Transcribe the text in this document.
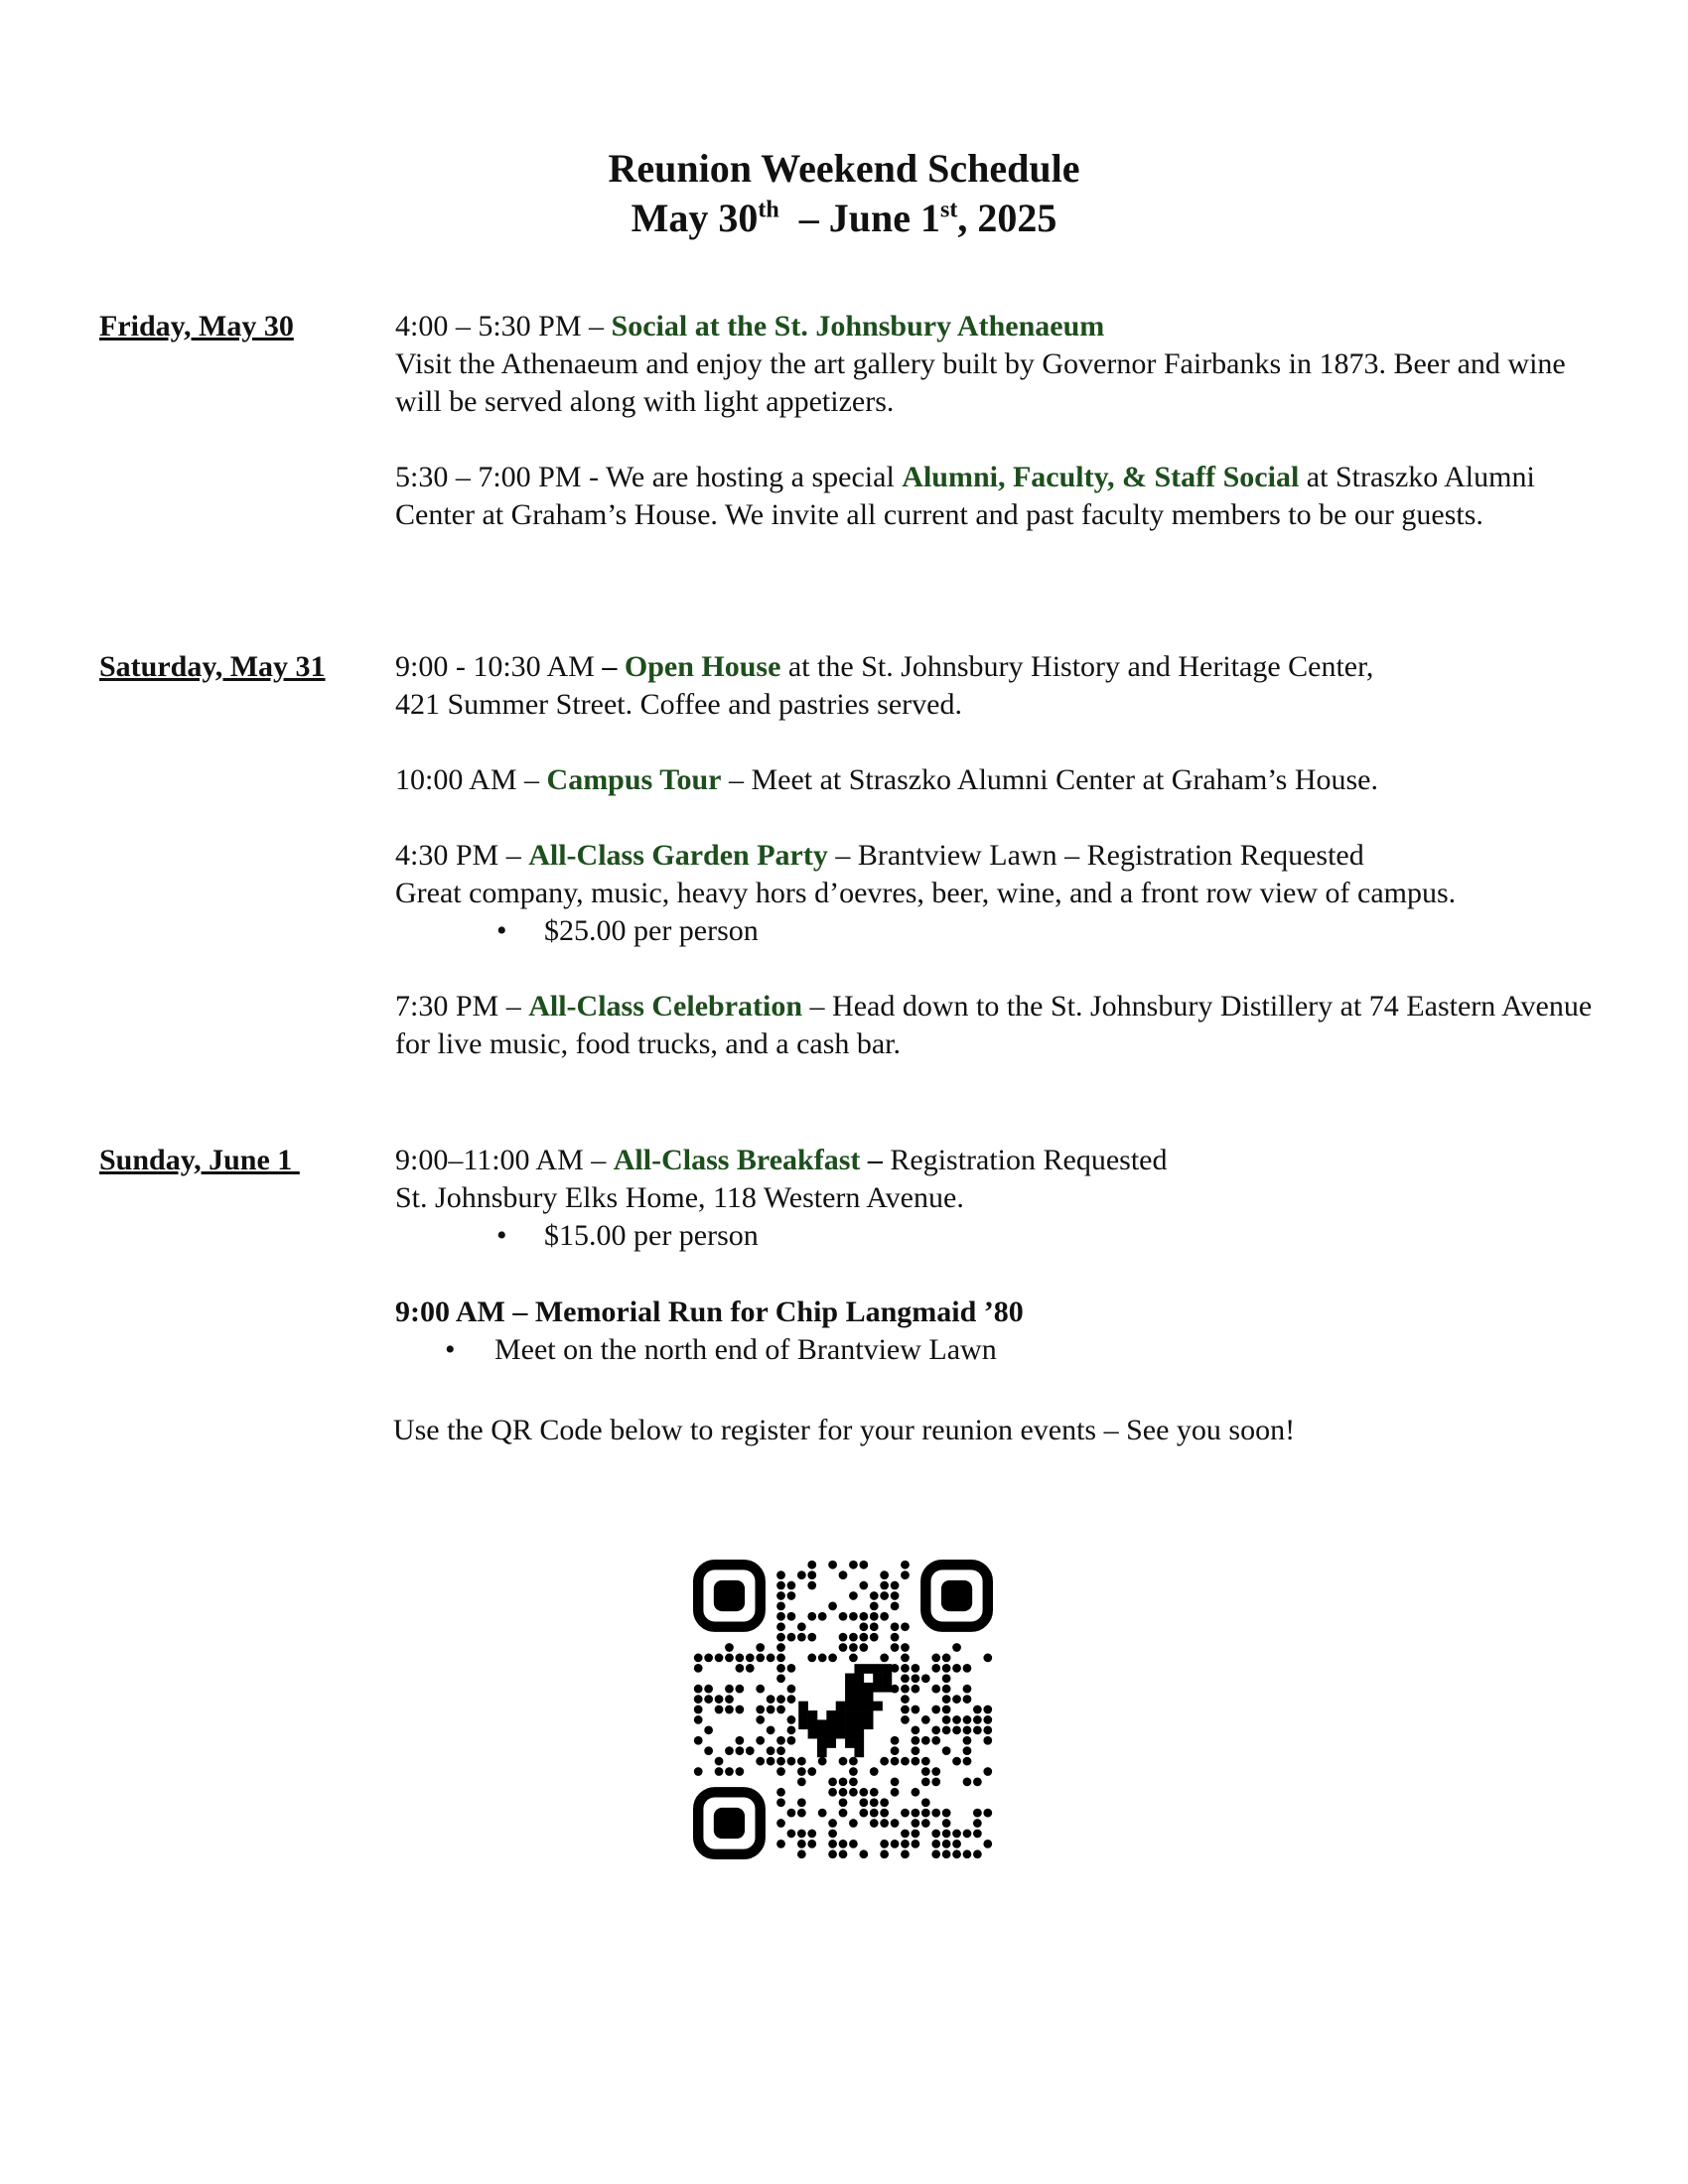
Reunion Weekend Schedule
May 30th  – June 1st, 2025
Friday, May 30	4:00 – 5:30 PM – Social at the St. Johnsbury Athenaeum

Visit the Athenaeum and enjoy the art gallery built by Governor Fairbanks in 1873. Beer and wine will be served along with light appetizers.

5:30 – 7:00 PM - We are hosting a special Alumni, Faculty, & Staff Social at Straszko Alumni Center at Graham’s House. We invite all current and past faculty members to be our guests.

Saturday, May 31 9:00 - 10:30 AM – Open House at the St. Johnsbury History and Heritage Center,

421 Summer Street. Coffee and pastries served.

10:00 AM – Campus Tour – Meet at Straszko Alumni Center at Graham’s House.

4:30 PM – All-Class Garden Party – Brantview Lawn – Registration Requested

Great company, music, heavy hors d’oevres, beer, wine, and a front row view of campus.

• $25.00 per person

7:30 PM – All-Class Celebration – Head down to the St. Johnsbury Distillery at 74 Eastern Avenue for live music, food trucks, and a cash bar.

Sunday, June 1	9:00–11:00 AM – All-Class Breakfast – Registration Requested

St. Johnsbury Elks Home, 118 Western Avenue.

• $15.00 per person

9:00 AM – Memorial Run for Chip Langmaid ’80

• Meet on the north end of Brantview Lawn

Use the QR Code below to register for your reunion events – See you soon!
